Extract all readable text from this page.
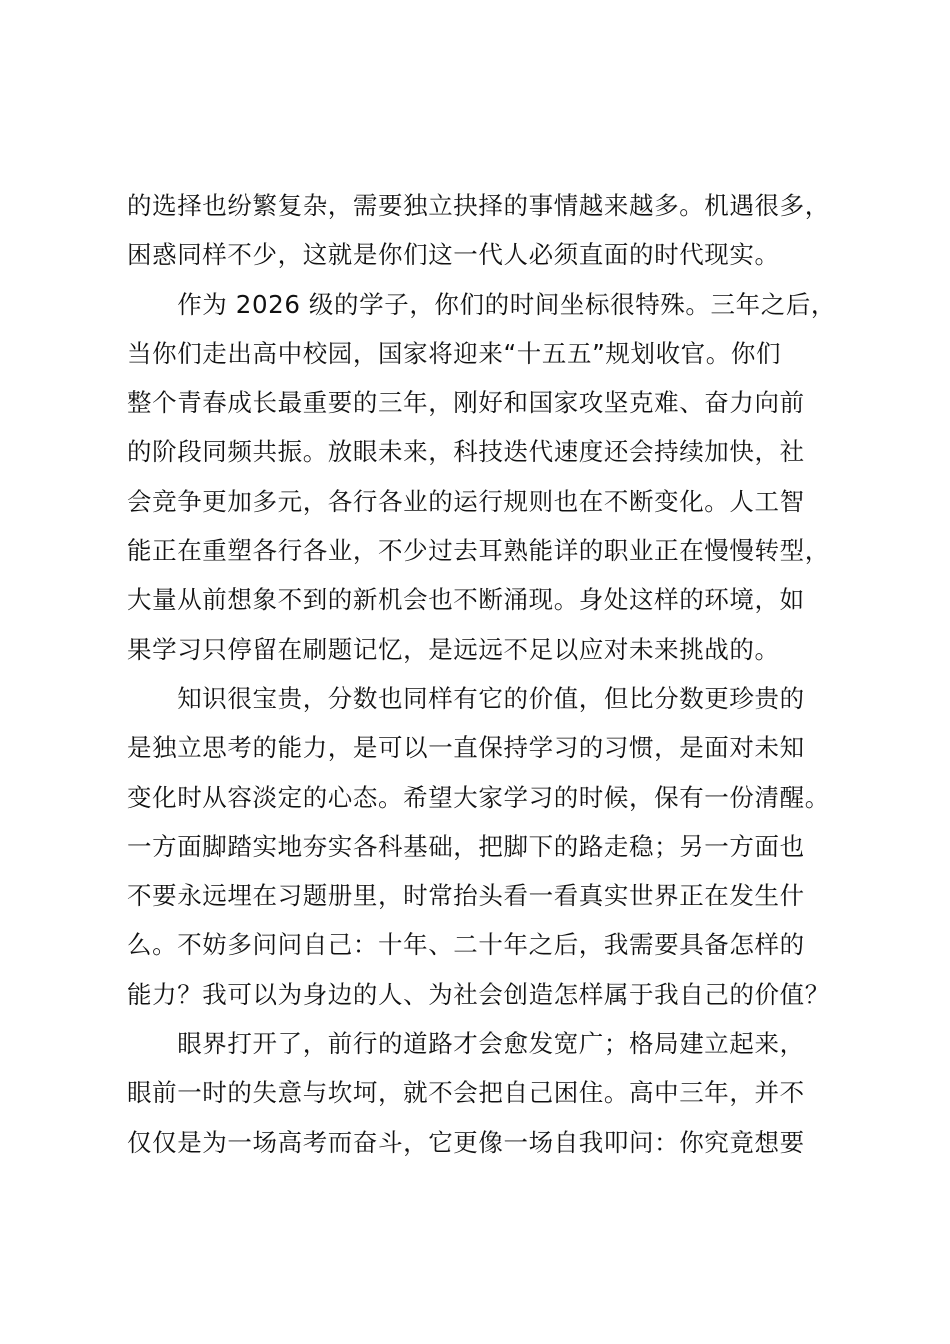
的选择也纷繁复杂，需要独立抉择的事情越来越多。机遇很多，
困惑同样不少，这就是你们这一代人必须直面的时代现实。
　　作为 2026 级的学子，你们的时间坐标很特殊。三年之后，
当你们走出高中校园，国家将迎来“十五五”规划收官。你们
整个青春成长最重要的三年，刚好和国家攻坚克难、奋力向前
的阶段同频共振。放眼未来，科技迭代速度还会持续加快，社
会竞争更加多元，各行各业的运行规则也在不断变化。人工智
能正在重塑各行各业，不少过去耳熟能详的职业正在慢慢转型，
大量从前想象不到的新机会也不断涌现。身处这样的环境，如
果学习只停留在刷题记忆，是远远不足以应对未来挑战的。
　　知识很宝贵，分数也同样有它的价值，但比分数更珍贵的
是独立思考的能力，是可以一直保持学习的习惯，是面对未知
变化时从容淡定的心态。希望大家学习的时候，保有一份清醒。
一方面脚踏实地夯实各科基础，把脚下的路走稳；另一方面也
不要永远埋在习题册里，时常抬头看一看真实世界正在发生什
么。不妨多问问自己：十年、二十年之后，我需要具备怎样的
能力？我可以为身边的人、为社会创造怎样属于我自己的价值？
　　眼界打开了，前行的道路才会愈发宽广；格局建立起来，
眼前一时的失意与坎坷，就不会把自己困住。高中三年，并不
仅仅是为一场高考而奋斗，它更像一场自我叩问：你究竟想要
